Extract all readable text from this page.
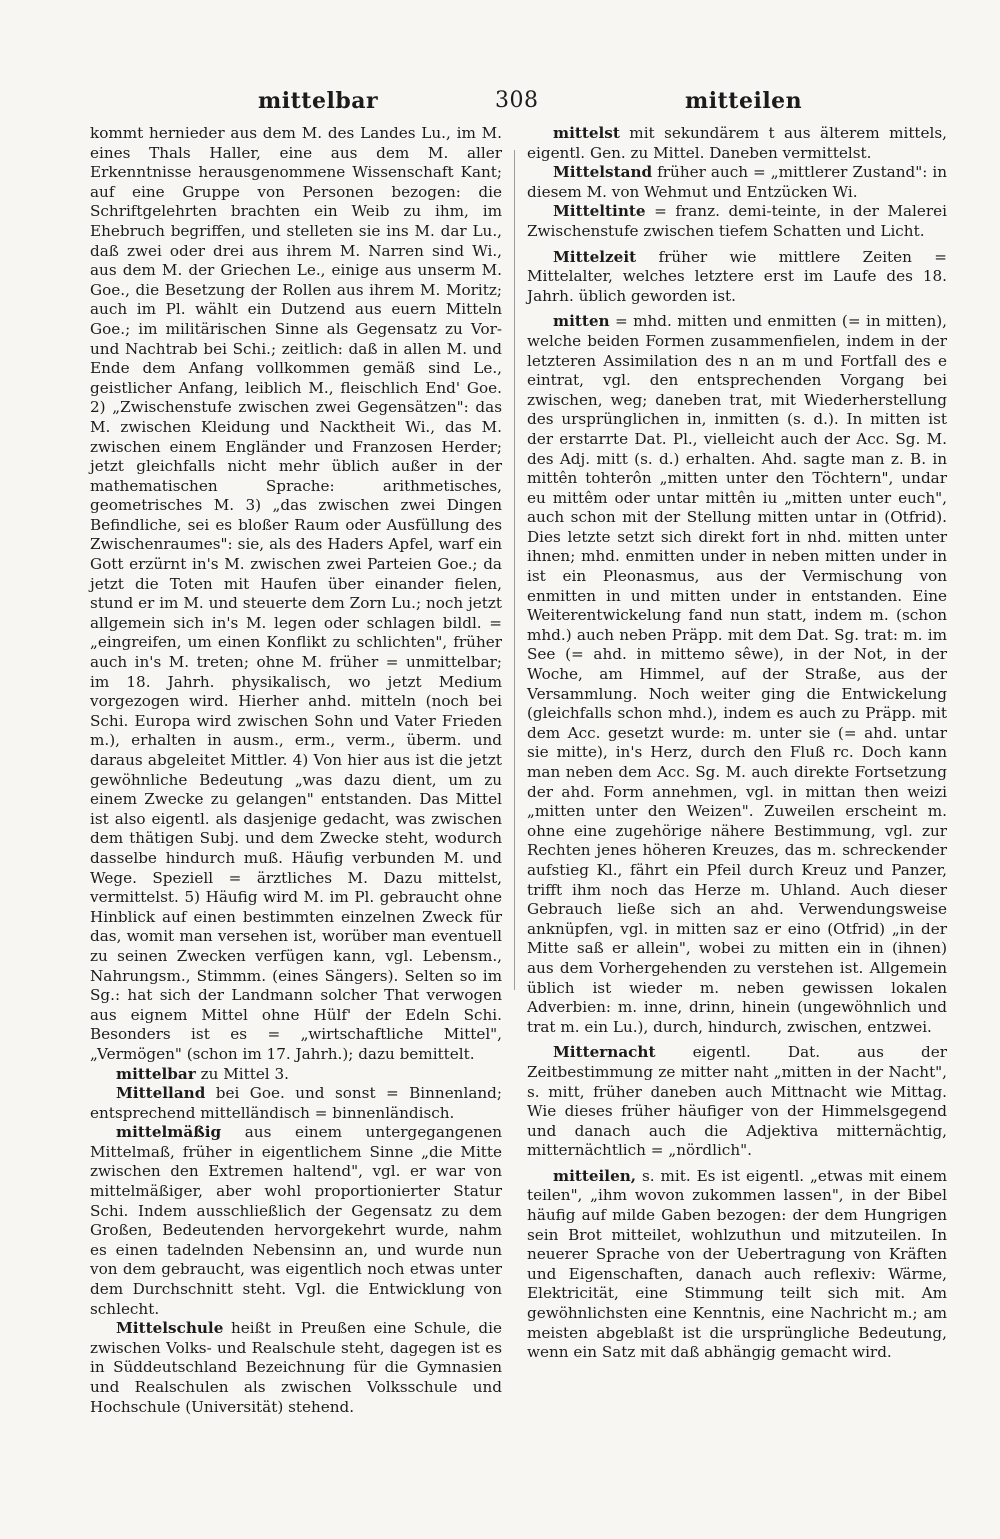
mittelbar	308	mitteilen

kommt hernieder aus dem M. des Landes Lu., im M. eines Thals Haller, eine aus dem M. aller Erkenntnisse herausgenommene Wissenschaft Kant; auf eine Gruppe von Personen bezogen: die Schriftgelehrten brachten ein Weib zu ihm, im Ehebruch begriffen, und stelleten sie ins M. dar Lu., daß zwei oder drei aus ihrem M. Narren sind Wi., aus dem M. der Griechen Le., einige aus unserm M. Goe., die Besetzung der Rollen aus ihrem M. Moritz; auch im Pl. wählt ein Dutzend aus euern Mitteln Goe.; im militärischen Sinne als Gegensatz zu Vor- und Nachtrab bei Schi.; zeitlich: daß in allen M. und Ende dem Anfang vollkommen gemäß sind Le., geistlicher Anfang, leiblich M., fleischlich End' Goe. 2) „Zwischenstufe zwischen zwei Gegensätzen": das M. zwischen Kleidung und Nacktheit Wi., das M. zwischen einem Engländer und Franzosen Herder; jetzt gleichfalls nicht mehr üblich außer in der mathematischen Sprache: arithmetisches, geometrisches M. 3) „das zwischen zwei Dingen Befindliche, sei es bloßer Raum oder Ausfüllung des Zwischenraumes": sie, als des Haders Apfel, warf ein Gott erzürnt in's M. zwischen zwei Parteien Goe.; da jetzt die Toten mit Haufen über einander fielen, stund er im M. und steuerte dem Zorn Lu.; noch jetzt allgemein sich in's M. legen oder schlagen bildl. = „eingreifen, um einen Konflikt zu schlichten", früher auch in's M. treten; ohne M. früher = unmittelbar; im 18. Jahrh. physikalisch, wo jetzt Medium vorgezogen wird. Hierher anhd. mitteln (noch bei Schi. Europa wird zwischen Sohn und Vater Frieden m.), erhalten in ausm., erm., verm., überm. und daraus abgeleitet Mittler. 4) Von hier aus ist die jetzt gewöhnliche Bedeutung „was dazu dient, um zu einem Zwecke zu gelangen" entstanden. Das Mittel ist also eigentl. als dasjenige gedacht, was zwischen dem thätigen Subj. und dem Zwecke steht, wodurch dasselbe hindurch muß. Häufig verbunden M. und Wege. Speziell = ärztliches M. Dazu mittelst, vermittelst. 5) Häufig wird M. im Pl. gebraucht ohne Hinblick auf einen bestimmten einzelnen Zweck für das, womit man versehen ist, worüber man eventuell zu seinen Zwecken verfügen kann, vgl. Lebensm., Nahrungsm., Stimmm. (eines Sängers). Selten so im Sg.: hat sich der Landmann solcher That verwogen aus eignem Mittel ohne Hülf' der Edeln Schi. Besonders ist es = „wirtschaftliche Mittel", „Vermögen" (schon im 17. Jahrh.); dazu bemittelt.

mittelbar zu Mittel 3.

Mittelland bei Goe. und sonst = Binnenland; entsprechend mittelländisch = binnenländisch.

mittelmäßig aus einem untergegangenen Mittelmaß, früher in eigentlichem Sinne „die Mitte zwischen den Extremen haltend", vgl. er war von mittelmäßiger, aber wohl proportionierter Statur Schi. Indem ausschließlich der Gegensatz zu dem Großen, Bedeutenden hervorgekehrt wurde, nahm es einen tadelnden Nebensinn an, und wurde nun von dem gebraucht, was eigentlich noch etwas unter dem Durchschnitt steht. Vgl. die Entwicklung von schlecht.

Mittelschule heißt in Preußen eine Schule, die zwischen Volks- und Realschule steht, dagegen ist es in Süddeutschland Bezeichnung für die Gymnasien und Realschulen als zwischen Volksschule und Hochschule (Universität) stehend.

mittelst mit sekundärem t aus älterem mittels, eigentl. Gen. zu Mittel. Daneben vermittelst.

Mittelstand früher auch = „mittlerer Zustand": in diesem M. von Wehmut und Entzücken Wi.

Mitteltinte = franz. demi-teinte, in der Malerei Zwischenstufe zwischen tiefem Schatten und Licht.

Mittelzeit früher wie mittlere Zeiten = Mittelalter, welches letztere erst im Laufe des 18. Jahrh. üblich geworden ist.

mitten = mhd. mitten und enmitten (= in mitten), welche beiden Formen zusammenfielen, indem in der letzteren Assimilation des n an m und Fortfall des e eintrat, vgl. den entsprechenden Vorgang bei zwischen, weg; daneben trat, mit Wiederherstellung des ursprünglichen in, inmitten (s. d.). In mitten ist der erstarrte Dat. Pl., vielleicht auch der Acc. Sg. M. des Adj. mitt (s. d.) erhalten. Ahd. sagte man z. B. in mittên tohterôn „mitten unter den Töchtern", undar eu mittêm oder untar mittên iu „mitten unter euch", auch schon mit der Stellung mitten untar in (Otfrid). Dies letzte setzt sich direkt fort in nhd. mitten unter ihnen; mhd. enmitten under in neben mitten under in ist ein Pleonasmus, aus der Vermischung von enmitten in und mitten under in entstanden. Eine Weiterentwickelung fand nun statt, indem m. (schon mhd.) auch neben Präpp. mit dem Dat. Sg. trat: m. im See (= ahd. in mittemo sêwe), in der Not, in der Woche, am Himmel, auf der Straße, aus der Versammlung. Noch weiter ging die Entwickelung (gleichfalls schon mhd.), indem es auch zu Präpp. mit dem Acc. gesetzt wurde: m. unter sie (= ahd. untar sie mitte), in's Herz, durch den Fluß rc. Doch kann man neben dem Acc. Sg. M. auch direkte Fortsetzung der ahd. Form annehmen, vgl. in mittan then weizi „mitten unter den Weizen". Zuweilen erscheint m. ohne eine zugehörige nähere Bestimmung, vgl. zur Rechten jenes höheren Kreuzes, das m. schreckender aufstieg Kl., fährt ein Pfeil durch Kreuz und Panzer, trifft ihm noch das Herze m. Uhland. Auch dieser Gebrauch ließe sich an ahd. Verwendungsweise anknüpfen, vgl. in mitten saz er eino (Otfrid) „in der Mitte saß er allein", wobei zu mitten ein in (ihnen) aus dem Vorhergehenden zu verstehen ist. Allgemein üblich ist wieder m. neben gewissen lokalen Adverbien: m. inne, drinn, hinein (ungewöhnlich und trat m. ein Lu.), durch, hindurch, zwischen, entzwei.

Mitternacht eigentl. Dat. aus der Zeitbestimmung ze mitter naht „mitten in der Nacht", s. mitt, früher daneben auch Mittnacht wie Mittag. Wie dieses früher häufiger von der Himmelsgegend und danach auch die Adjektiva mitternächtig, mitternächtlich = „nördlich".

mitteilen, s. mit. Es ist eigentl. „etwas mit einem teilen", „ihm wovon zukommen lassen", in der Bibel häufig auf milde Gaben bezogen: der dem Hungrigen sein Brot mitteilet, wohlzuthun und mitzuteilen. In neuerer Sprache von der Uebertragung von Kräften und Eigenschaften, danach auch reflexiv: Wärme, Elektricität, eine Stimmung teilt sich mit. Am gewöhnlichsten eine Kenntnis, eine Nachricht m.; am meisten abgeblaßt ist die ursprüngliche Bedeutung, wenn ein Satz mit daß abhängig gemacht wird.
